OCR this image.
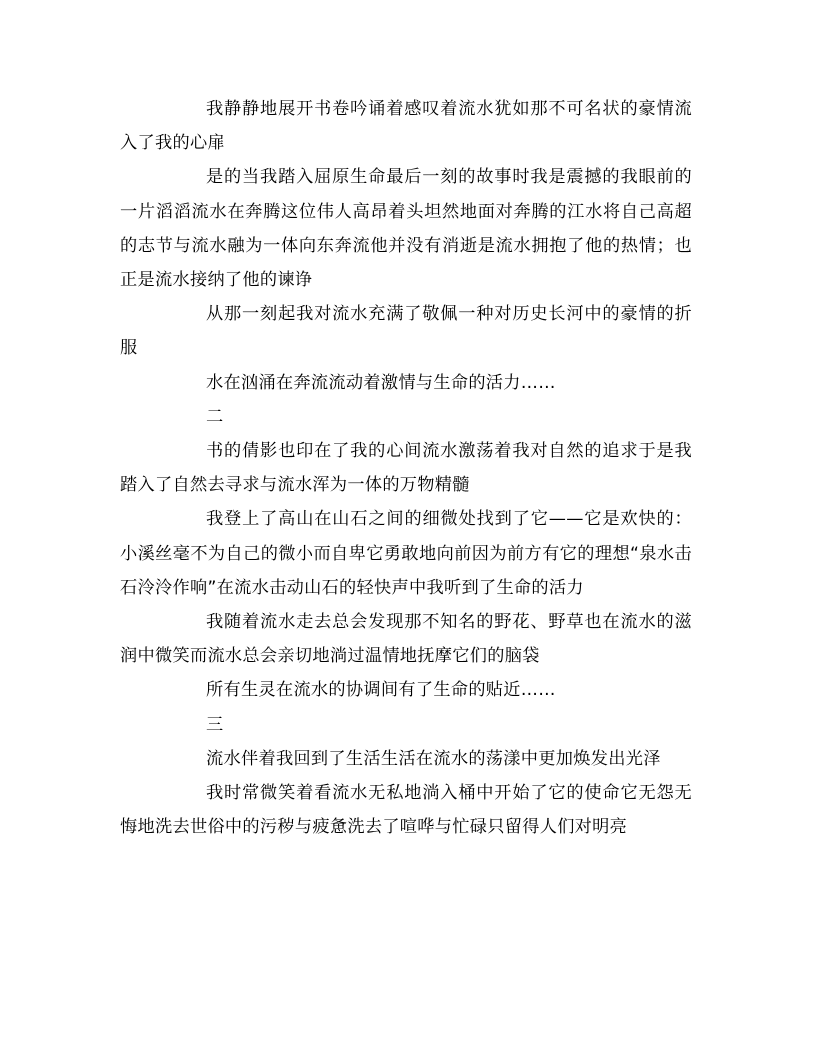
我静静地展开书卷吟诵着感叹着流水犹如那不可名状的豪情流入了我的心扉

是的当我踏入屈原生命最后一刻的故事时我是震撼的我眼前的一片滔滔流水在奔腾这位伟人高昂着头坦然地面对奔腾的江水将自己高超的志节与流水融为一体向东奔流他并没有消逝是流水拥抱了他的热情；也正是流水接纳了他的谏诤

从那一刻起我对流水充满了敬佩一种对历史长河中的豪情的折服

水在汹涌在奔流流动着激情与生命的活力……

二

书的倩影也印在了我的心间流水激荡着我对自然的追求于是我踏入了自然去寻求与流水浑为一体的万物精髓

我登上了高山在山石之间的细微处找到了它——它是欢快的：小溪丝毫不为自己的微小而自卑它勇敢地向前因为前方有它的理想“泉水击石泠泠作响”在流水击动山石的轻快声中我听到了生命的活力

我随着流水走去总会发现那不知名的野花、野草也在流水的滋润中微笑而流水总会亲切地淌过温情地抚摩它们的脑袋

所有生灵在流水的协调间有了生命的贴近……

三

流水伴着我回到了生活生活在流水的荡漾中更加焕发出光泽

我时常微笑着看流水无私地淌入桶中开始了它的使命它无怨无悔地洗去世俗中的污秽与疲惫洗去了喧哗与忙碌只留得人们对明亮
